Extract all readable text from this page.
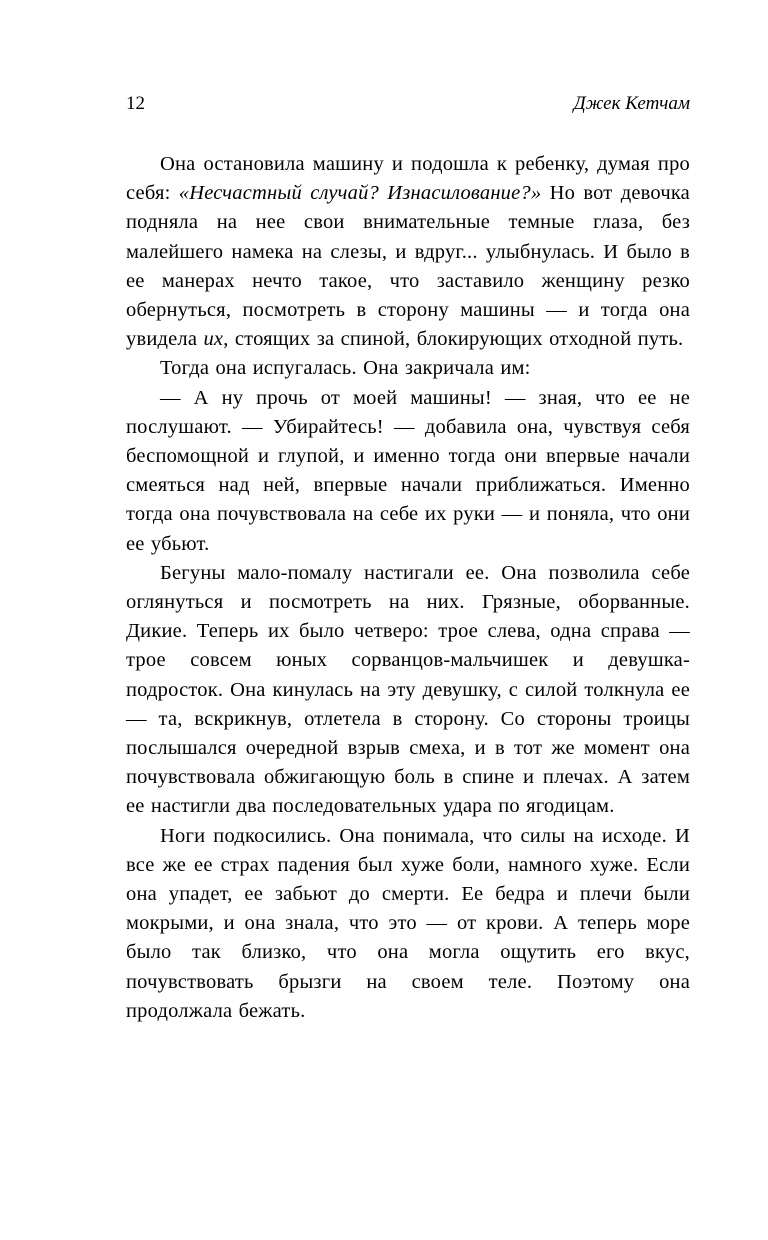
12	Джек Кетчам

Она остановила машину и подошла к ребенку, думая про себя: «Несчастный случай? Изнасилование?» Но вот девочка подняла на нее свои внимательные темные глаза, без малейшего намека на слезы, и вдруг... улыбнулась. И было в ее манерах нечто такое, что заставило женщину резко обернуться, посмотреть в сторону машины — и тогда она увидела их, стоящих за спиной, блокирующих отходной путь.

Тогда она испугалась. Она закричала им:

— А ну прочь от моей машины! — зная, что ее не послушают. — Убирайтесь! — добавила она, чувствуя себя беспомощной и глупой, и именно тогда они впервые начали смеяться над ней, впервые начали приближаться. Именно тогда она почувствовала на себе их руки — и поняла, что они ее убьют.

Бегуны мало-помалу настигали ее. Она позволила себе оглянуться и посмотреть на них. Грязные, оборванные. Дикие. Теперь их было четверо: трое слева, одна справа — трое совсем юных сорванцов-мальчишек и девушка-подросток. Она кинулась на эту девушку, с силой толкнула ее — та, вскрикнув, отлетела в сторону. Со стороны троицы послышался очередной взрыв смеха, и в тот же момент она почувствовала обжигающую боль в спине и плечах. А затем ее настигли два последовательных удара по ягодицам.

Ноги подкосились. Она понимала, что силы на исходе. И все же ее страх падения был хуже боли, намного хуже. Если она упадет, ее забьют до смерти. Ее бедра и плечи были мокрыми, и она знала, что это — от крови. А теперь море было так близко, что она могла ощутить его вкус, почувствовать брызги на своем теле. Поэтому она продолжала бежать.
